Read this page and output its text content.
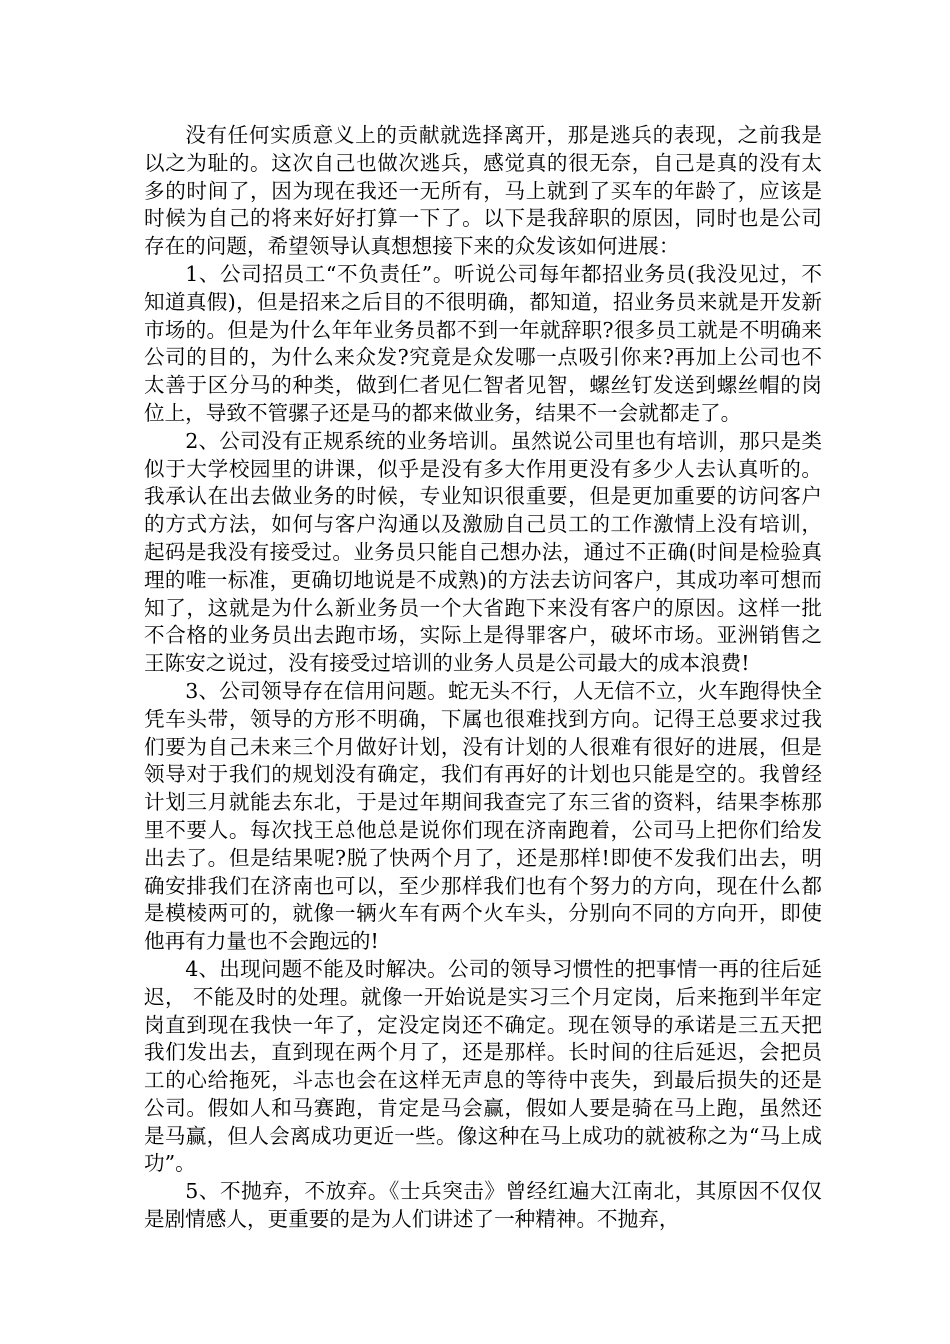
没有任何实质意义上的贡献就选择离开，那是逃兵的表现，之前我是以之为耻的。这次自己也做次逃兵，感觉真的很无奈，自己是真的没有太多的时间了，因为现在我还一无所有，马上就到了买车的年龄了，应该是时候为自己的将来好好打算一下了。以下是我辞职的原因，同时也是公司存在的问题，希望领导认真想想接下来的众发该如何进展：

1、公司招员工“不负责任”。听说公司每年都招业务员(我没见过，不知道真假)，但是招来之后目的不很明确，都知道，招业务员来就是开发新市场的。但是为什么年年业务员都不到一年就辞职?很多员工就是不明确来公司的目的，为什么来众发?究竟是众发哪一点吸引你来?再加上公司也不太善于区分马的种类，做到仁者见仁智者见智，螺丝钉发送到螺丝帽的岗位上，导致不管骡子还是马的都来做业务，结果不一会就都走了。

2、公司没有正规系统的业务培训。虽然说公司里也有培训，那只是类似于大学校园里的讲课，似乎是没有多大作用更没有多少人去认真听的。我承认在出去做业务的时候，专业知识很重要，但是更加重要的访问客户的方式方法，如何与客户沟通以及激励自己员工的工作激情上没有培训，起码是我没有接受过。业务员只能自己想办法，通过不正确(时间是检验真理的唯一标准，更确切地说是不成熟)的方法去访问客户，其成功率可想而知了，这就是为什么新业务员一个大省跑下来没有客户的原因。这样一批不合格的业务员出去跑市场，实际上是得罪客户，破坏市场。亚洲销售之王陈安之说过，没有接受过培训的业务人员是公司最大的成本浪费!

3、公司领导存在信用问题。蛇无头不行，人无信不立，火车跑得快全凭车头带，领导的方形不明确，下属也很难找到方向。记得王总要求过我们要为自己未来三个月做好计划，没有计划的人很难有很好的进展，但是领导对于我们的规划没有确定，我们有再好的计划也只能是空的。我曾经计划三月就能去东北，于是过年期间我查完了东三省的资料，结果李栋那里不要人。每次找王总他总是说你们现在济南跑着，公司马上把你们给发出去了。但是结果呢?脱了快两个月了，还是那样!即使不发我们出去，明确安排我们在济南也可以，至少那样我们也有个努力的方向，现在什么都是模棱两可的，就像一辆火车有两个火车头，分别向不同的方向开，即使他再有力量也不会跑远的!

4、出现问题不能及时解决。公司的领导习惯性的把事情一再的往后延迟， 不能及时的处理。就像一开始说是实习三个月定岗，后来拖到半年定岗直到现在我快一年了，定没定岗还不确定。现在领导的承诺是三五天把我们发出去，直到现在两个月了，还是那样。长时间的往后延迟，会把员工的心给拖死，斗志也会在这样无声息的等待中丧失，到最后损失的还是公司。假如人和马赛跑，肯定是马会赢，假如人要是骑在马上跑，虽然还是马赢，但人会离成功更近一些。像这种在马上成功的就被称之为“马上成功”。

5、不抛弃，不放弃。《士兵突击》曾经红遍大江南北，其原因不仅仅是剧情感人，更重要的是为人们讲述了一种精神。不抛弃，
